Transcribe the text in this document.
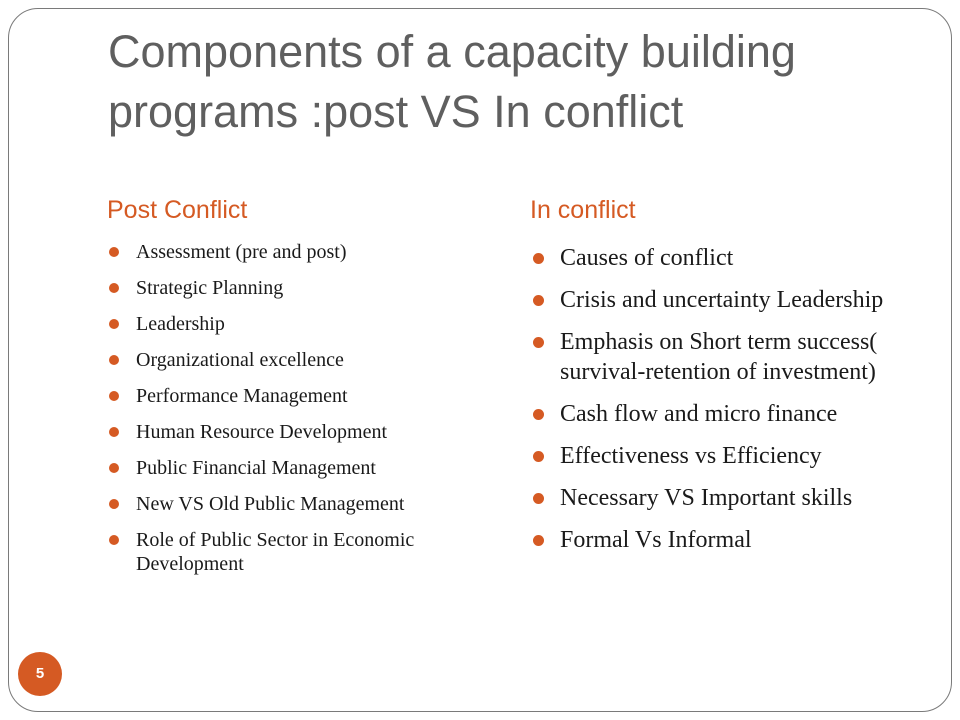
Components of a capacity building programs :post VS In conflict
Post Conflict	In conflict
Assessment (pre and post)
Strategic Planning
Leadership
Organizational excellence
Performance Management
Human Resource Development
Public Financial Management
New VS Old Public Management
Role of Public Sector in Economic Development
Causes of conflict
Crisis and uncertainty Leadership
Emphasis on Short term success( survival-retention of investment)
Cash flow and micro finance
Effectiveness vs Efficiency
Necessary VS Important skills
Formal Vs Informal
5
